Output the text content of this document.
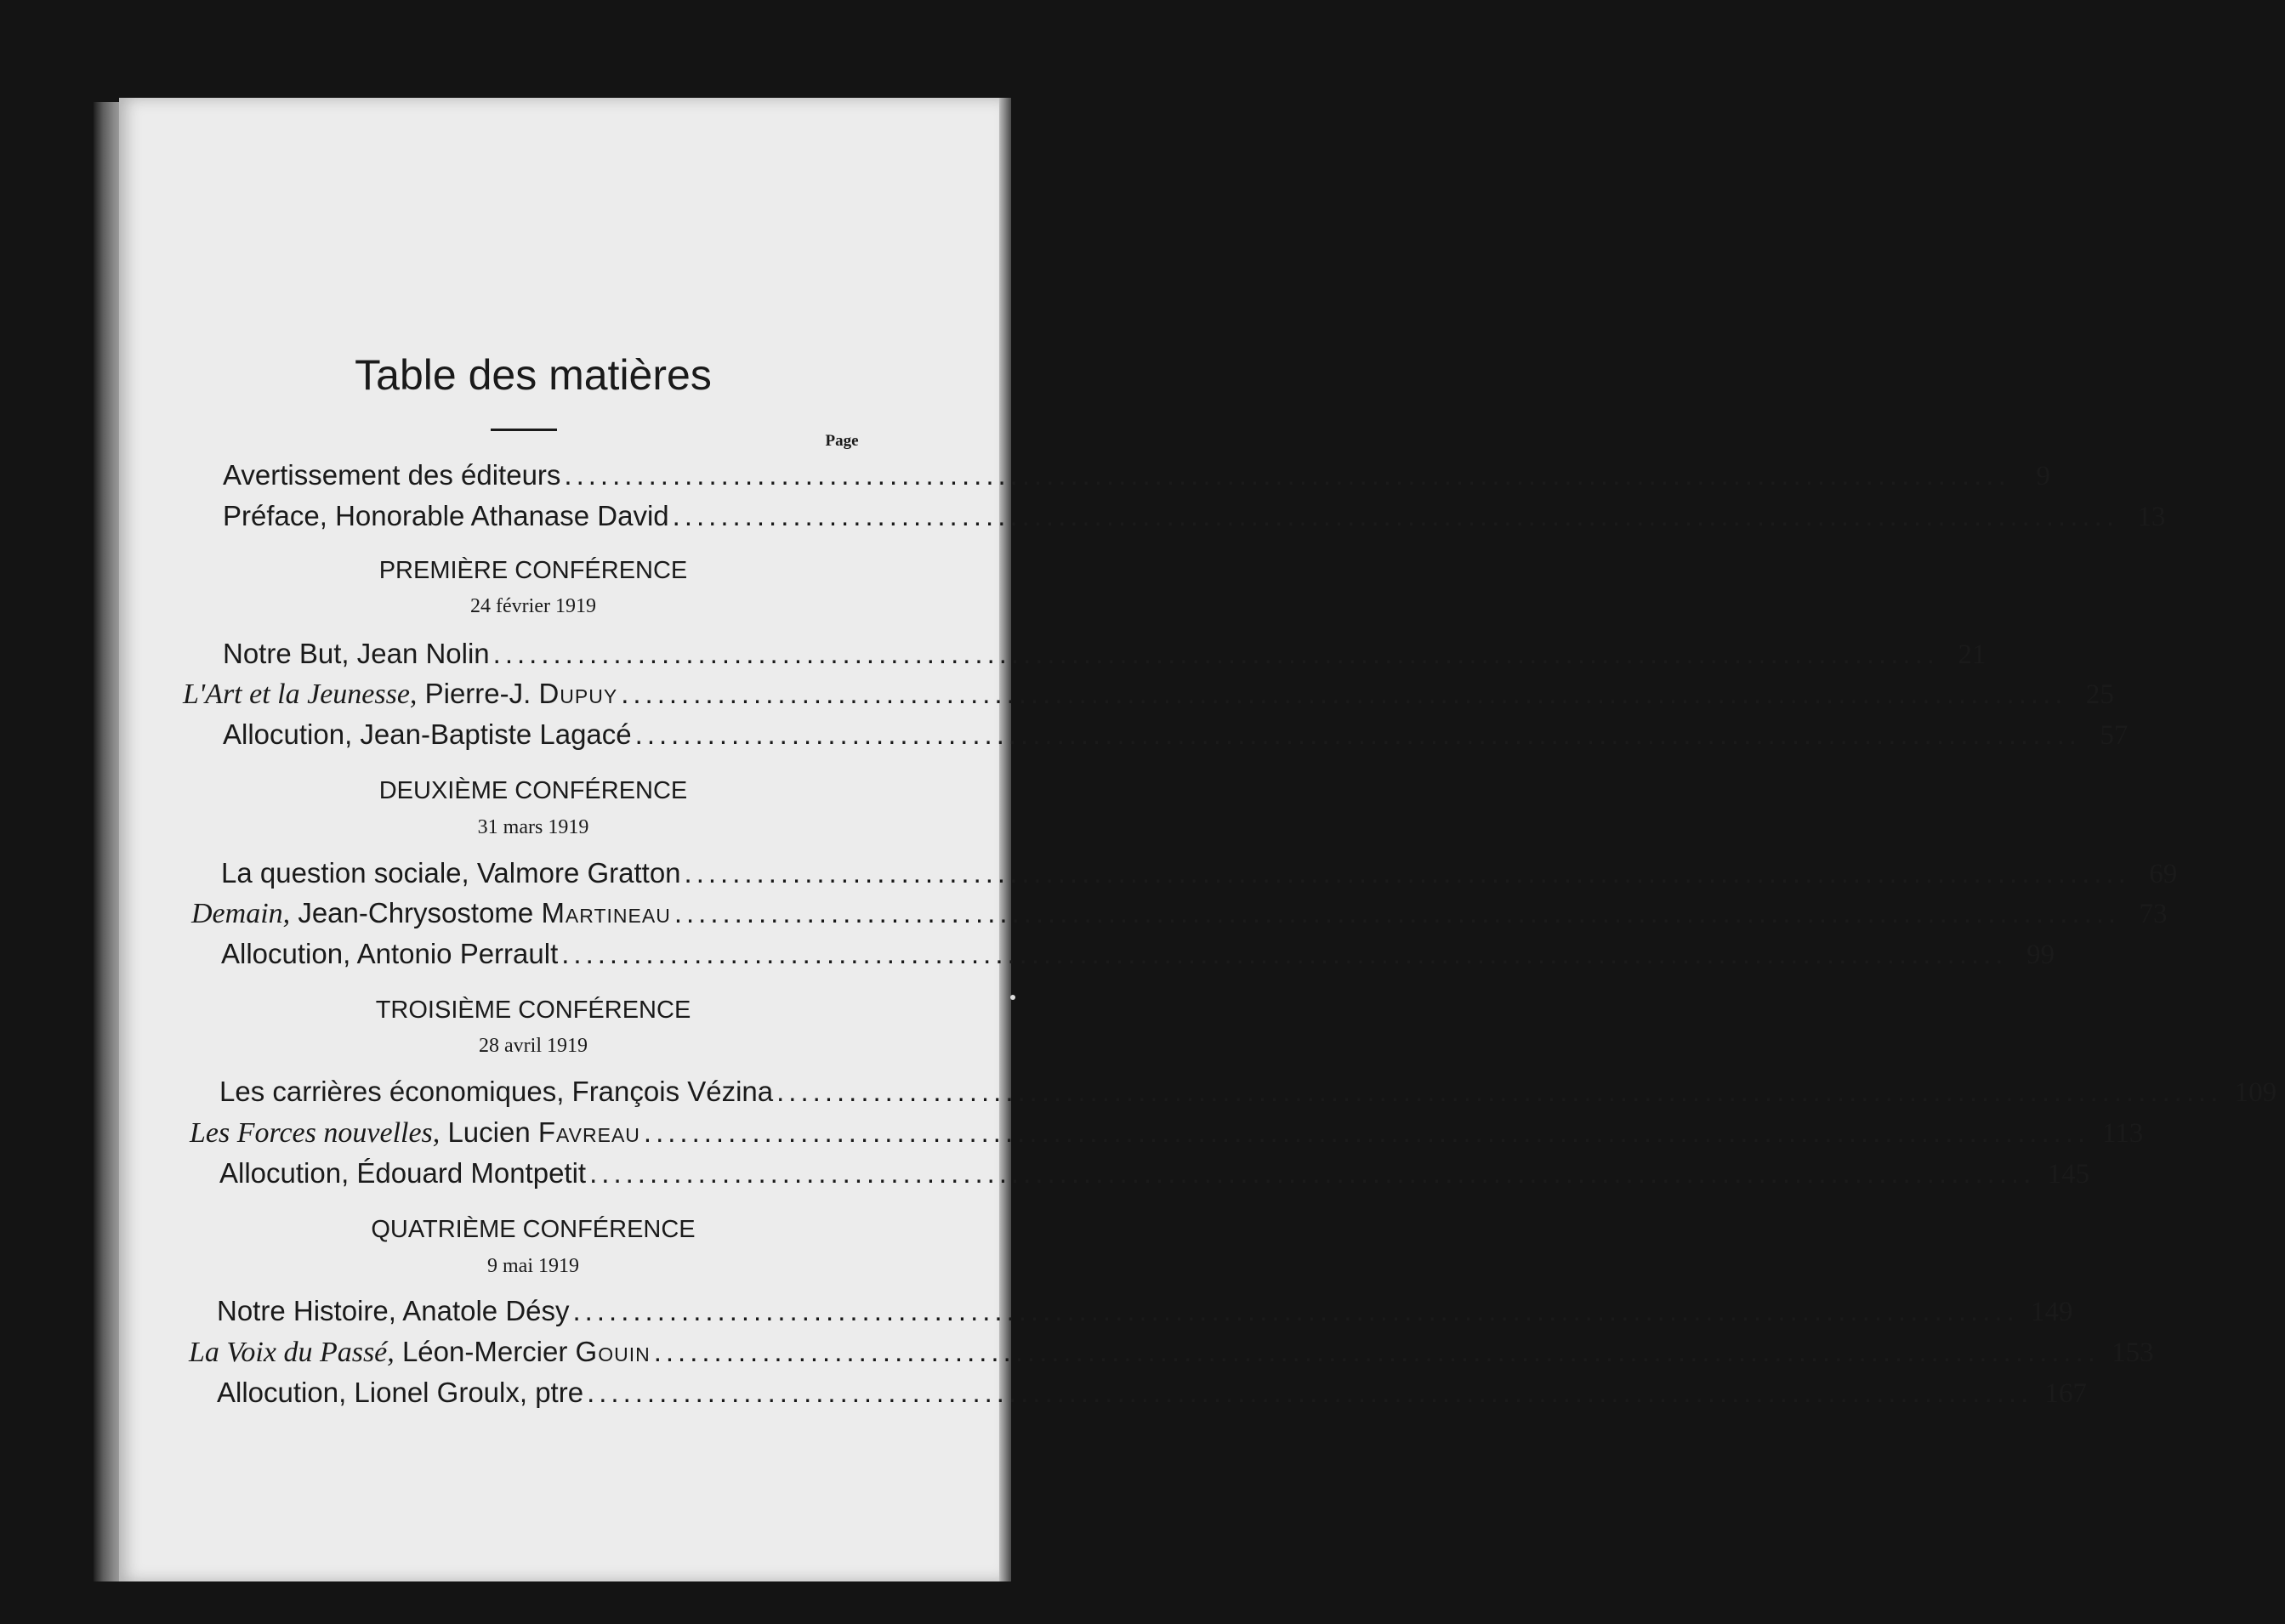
Table des matières
Page
Avertissement des éditeurs ........................................................................................................................ 9
Préface, Honorable Athanase David ........................................................................................................................ 13
PREMIÈRE CONFÉRENCE
24 février 1919
Notre But, Jean Nolin ........................................................................................................................ 21
L'Art et la Jeunesse, Pierre-J. Dupuy ........................................................................................................................ 25
Allocution, Jean-Baptiste Lagacé ........................................................................................................................ 57
DEUXIÈME CONFÉRENCE
31 mars 1919
La question sociale, Valmore Gratton ........................................................................................................................ 69
Demain, Jean-Chrysostome Martineau ........................................................................................................................ 73
Allocution, Antonio Perrault ........................................................................................................................ 99
TROISIÈME CONFÉRENCE
28 avril 1919
Les carrières économiques, François Vézina ........................................................................................................................ 109
Les Forces nouvelles, Lucien Favreau ........................................................................................................................ 113
Allocution, Édouard Montpetit ........................................................................................................................ 145
QUATRIÈME CONFÉRENCE
9 mai 1919
Notre Histoire, Anatole Désy ........................................................................................................................ 149
La Voix du Passé, Léon-Mercier Gouin ........................................................................................................................ 153
Allocution, Lionel Groulx, ptre ........................................................................................................................ 167
